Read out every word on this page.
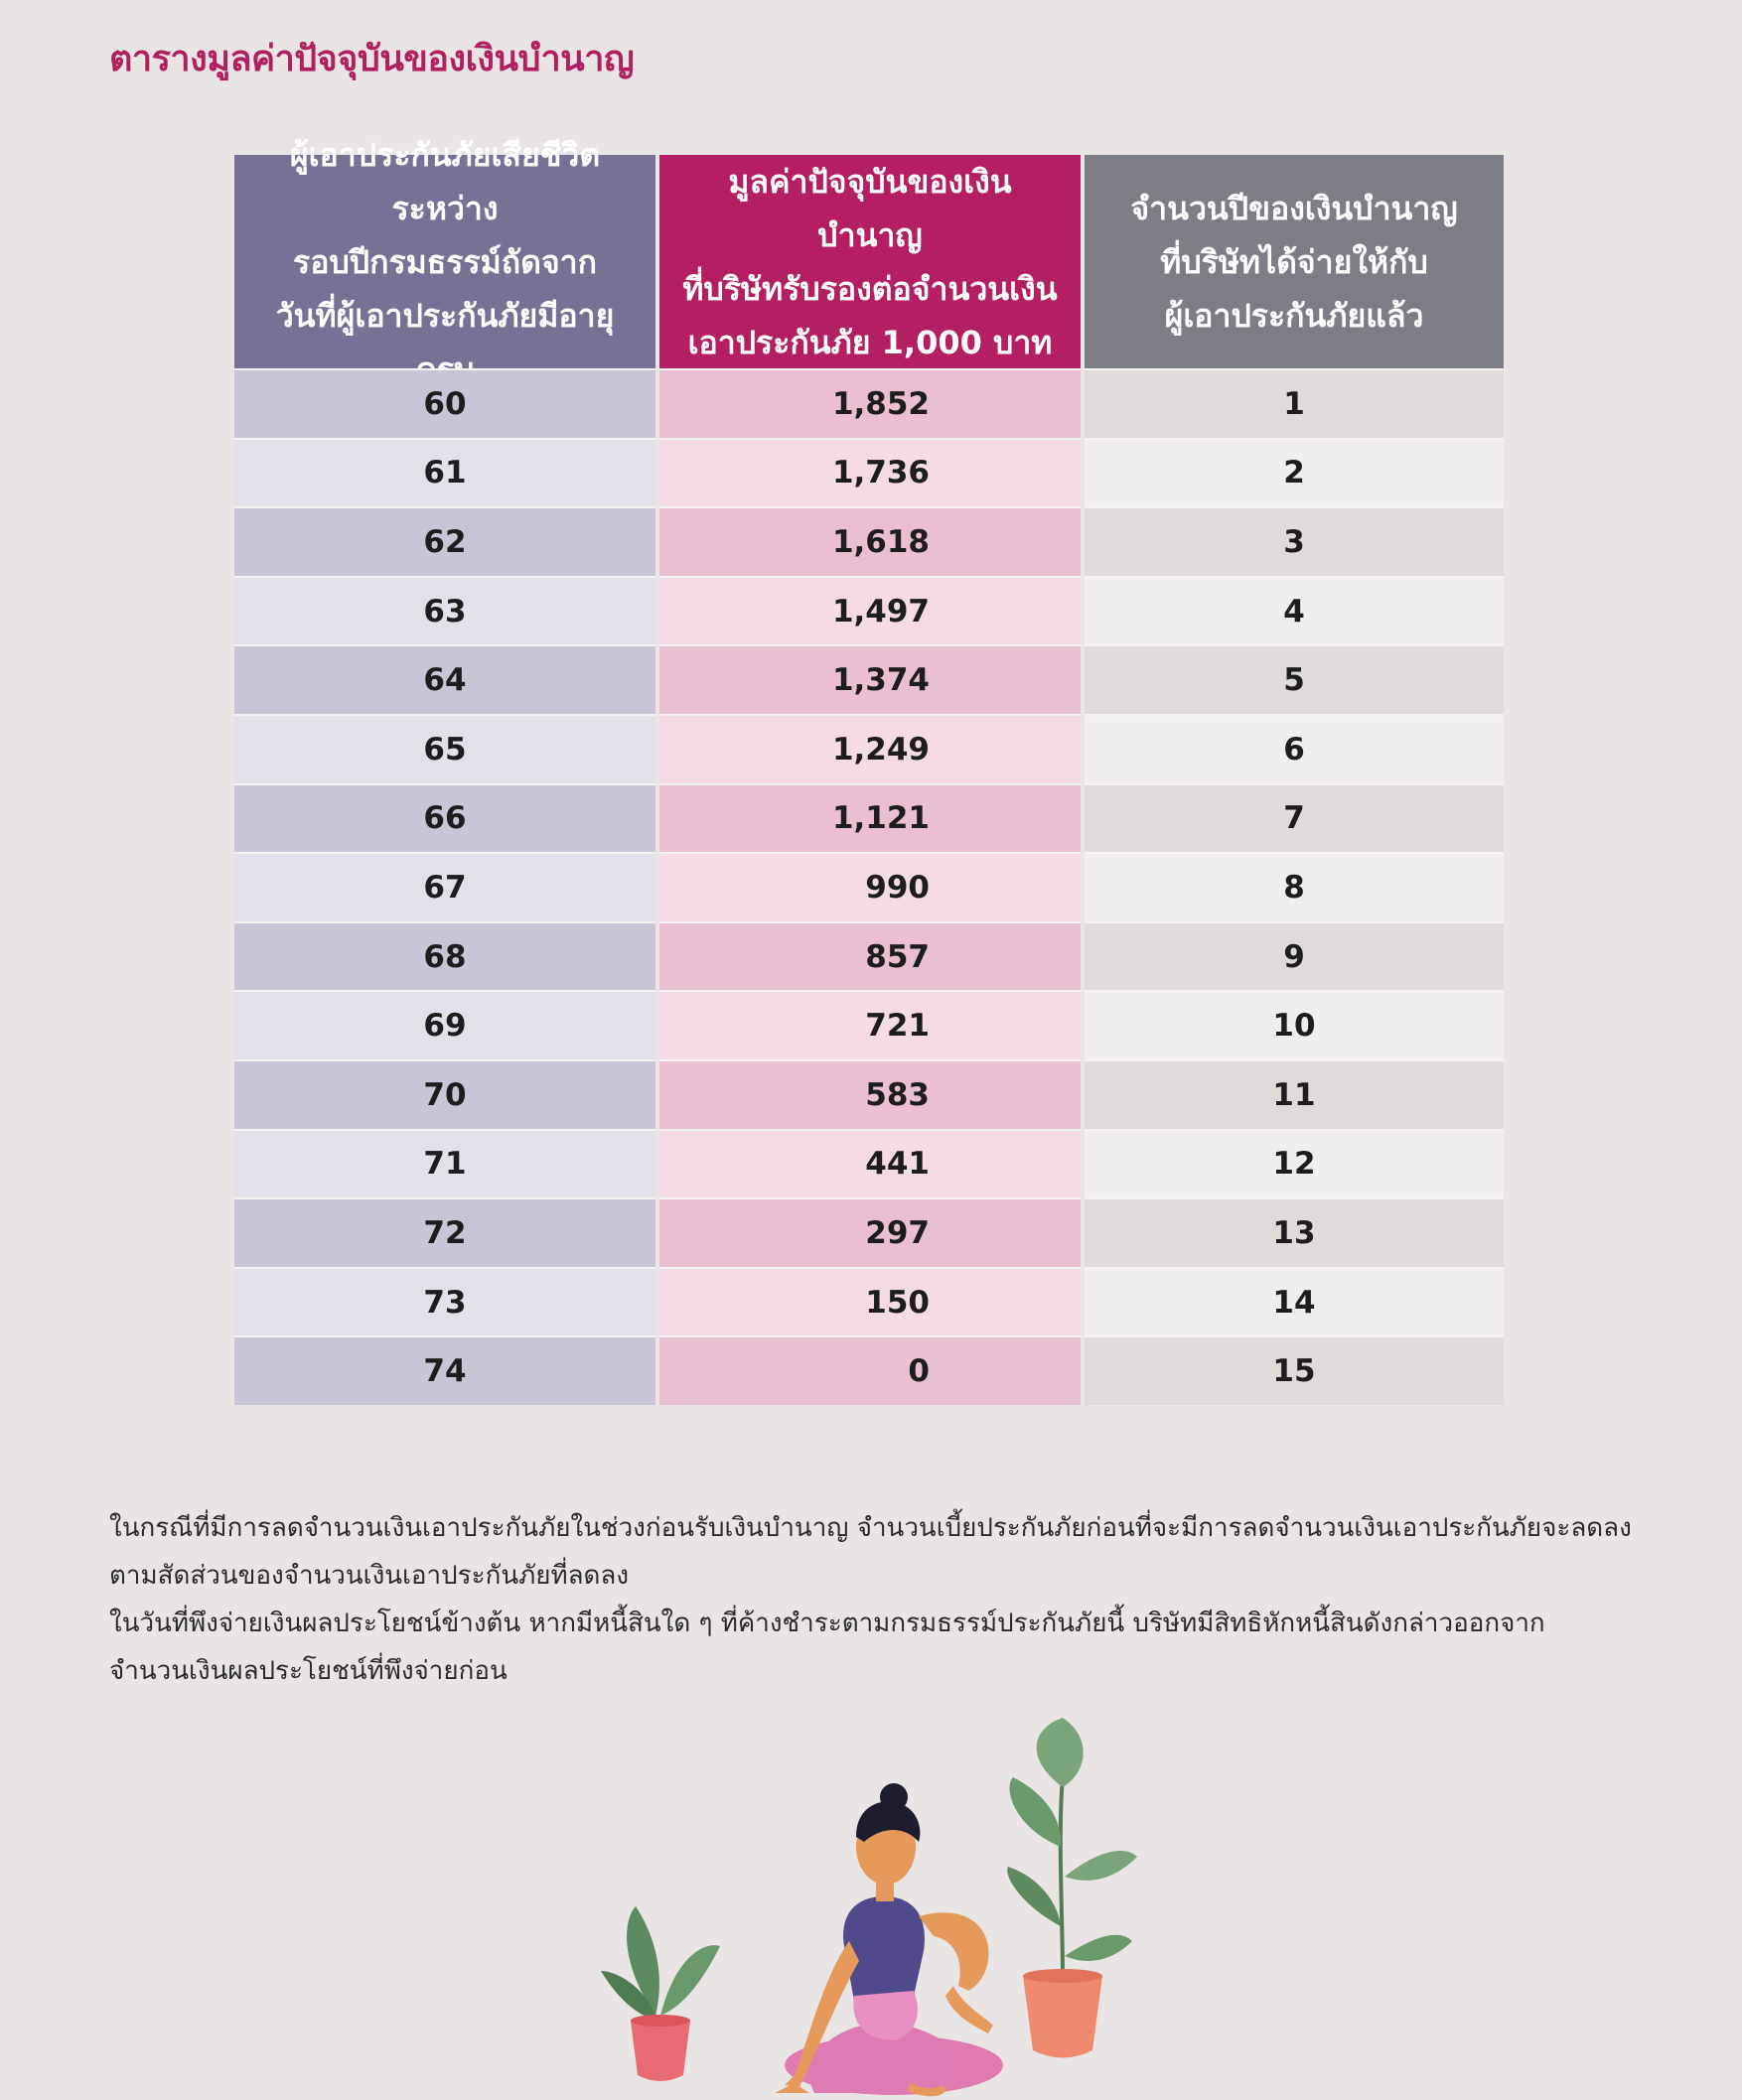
ตารางมูลค่าปัจจุบันของเงินบำนาญ
ผู้เอาประกันภัยเสียชีวิตระหว่าง
รอบปีกรมธรรม์ถัดจาก
วันที่ผู้เอาประกันภัยมีอายุ
60
61
62
63
64
65
66
67
68
69
70
71
72
73
74
มูลค่าปัจจุบันของเงินบำนาญ
ที่บริษัทรับรองต่อจำนวนเงิน
เอาประกันภัย 1,000 บาท
1,852
1,736
1,618
1,497
1,374
1,249
1,121
990
857
721
583
441
297
150
0
จำนวนปีของเงินบำนาญ
ที่บริษัทได้จ่ายให้กับ
ผู้เอาประกันภัยแล้ว
1
2
3
4
5
6
7
8
9
10
11
12
13
14
15

ในกรณีที่มีการลดจำนวนเงินเอาประกันภัยในช่วงก่อนรับเงินบำนาญ จำนวนเบี้ยประกันภัยก่อนที่จะมีการลดจำนวนเงินเอาประกันภัยจะลดลง

ตามสัดส่วนของจำนวนเงินเอาประกันภัยที่ลดลง

ในวันที่พึงจ่ายเงินผลประโยชน์ข้างต้น หากมีหนี้สินใด ๆ ที่ค้างชำระตามกรมธรรม์ประกันภัยนี้ บริษัทมีสิทธิหักหนี้สินดังกล่าวออกจาก

จำนวนเงินผลประโยชน์ที่พึงจ่ายก่อน
